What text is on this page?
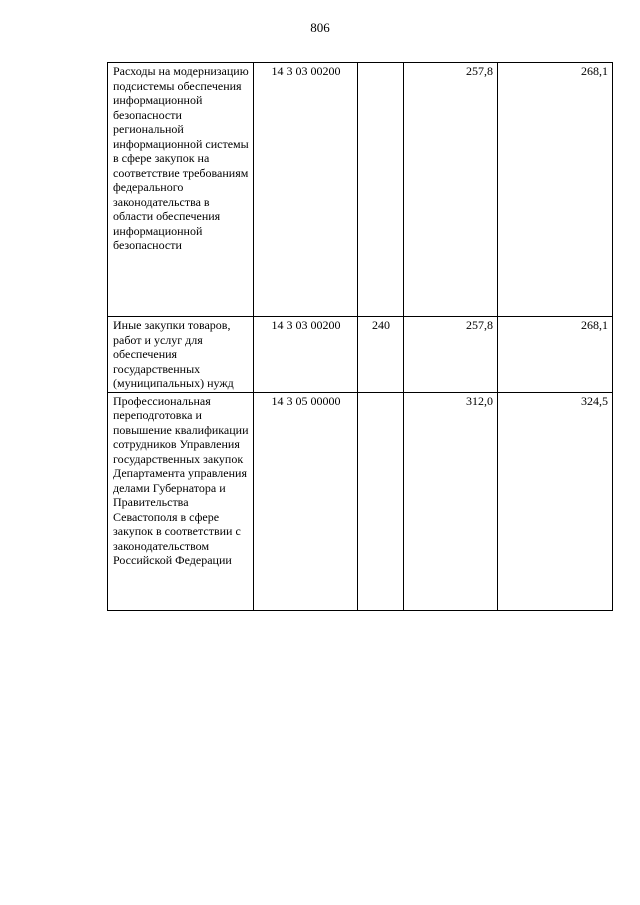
806
Расходы на модернизацию подсистемы обеспечения информационной безопасности региональной информационной системы в сфере закупок на соответствие требованиям федерального законодательства в области обеспечения информационной безопасности	14 3 03 00200		257,8	268,1
Иные закупки товаров, работ и услуг для обеспечения государственных (муниципальных) нужд	14 3 03 00200	240	257,8	268,1
Профессиональная переподготовка и повышение квалификации сотрудников Управления государственных закупок Департамента управления делами Губернатора и Правительства Севастополя в сфере закупок в соответствии с законодательством Российской Федерации	14 3 05 00000		312,0	324,5
